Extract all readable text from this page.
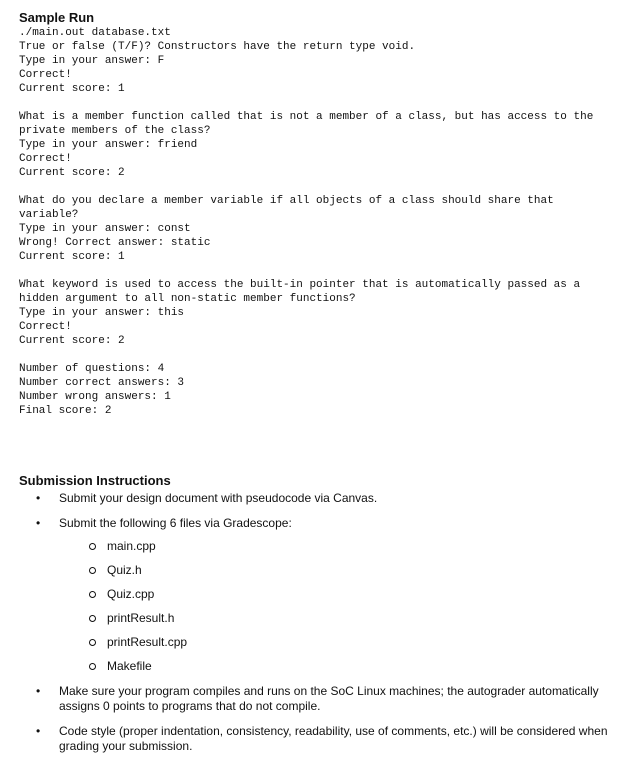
Sample Run
./main.out database.txt
True or false (T/F)? Constructors have the return type void.
Type in your answer: F
Correct!
Current score: 1
What is a member function called that is not a member of a class, but has access to the private members of the class?
Type in your answer: friend
Correct!
Current score: 2
What do you declare a member variable if all objects of a class should share that variable?
Type in your answer: const
Wrong! Correct answer: static
Current score: 1
What keyword is used to access the built-in pointer that is automatically passed as a hidden argument to all non-static member functions?
Type in your answer: this
Correct!
Current score: 2
Number of questions: 4
Number correct answers: 3
Number wrong answers: 1
Final score: 2
Submission Instructions
• Submit your design document with pseudocode via Canvas.
• Submit the following 6 files via Gradescope:
main.cpp
Quiz.h
Quiz.cpp
printResult.h
printResult.cpp
Makefile
• Make sure your program compiles and runs on the SoC Linux machines; the autograder automatically assigns 0 points to programs that do not compile.
• Code style (proper indentation, consistency, readability, use of comments, etc.) will be considered when grading your submission.
